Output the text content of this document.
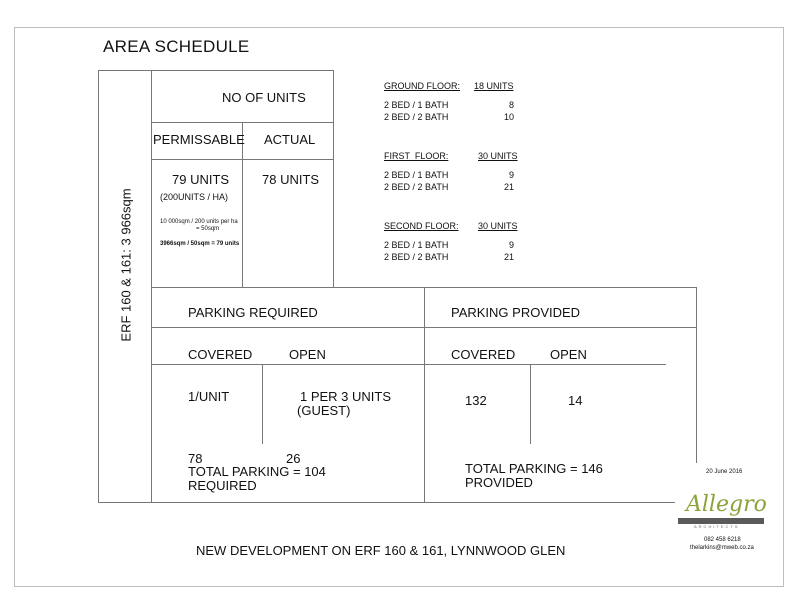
AREA SCHEDULE
ERF 160 & 161: 3 966sqm
NO OF UNITS
PERMISSABLE ACTUAL
79 UNITS
(200UNITS / HA)
10 000sqm / 200 units per ha
= 50sqm
3966sqm / 50sqm = 79 units
78 UNITS
GROUND FLOOR: 18 UNITS
2 BED / 1 BATH	8
2 BED / 2 BATH	10
FIRST  FLOOR:	30 UNITS
2 BED / 1 BATH	9
2 BED / 2 BATH	21
SECOND FLOOR: 30 UNITS
2 BED / 1 BATH	9
2 BED / 2 BATH	21
PARKING REQUIRED
COVERED	OPEN
1/UNIT	1 PER 3 UNITS
(GUEST)
78	26
TOTAL PARKING = 104
REQUIRED
PARKING PROVIDED
COVERED	OPEN
132	14
TOTAL PARKING = 146
PROVIDED
20 June 2016
Allegro
ARCHITECTS
082 458 6218
thelarkins@mweb.co.za
NEW DEVELOPMENT ON ERF 160 & 161, LYNNWOOD GLEN
